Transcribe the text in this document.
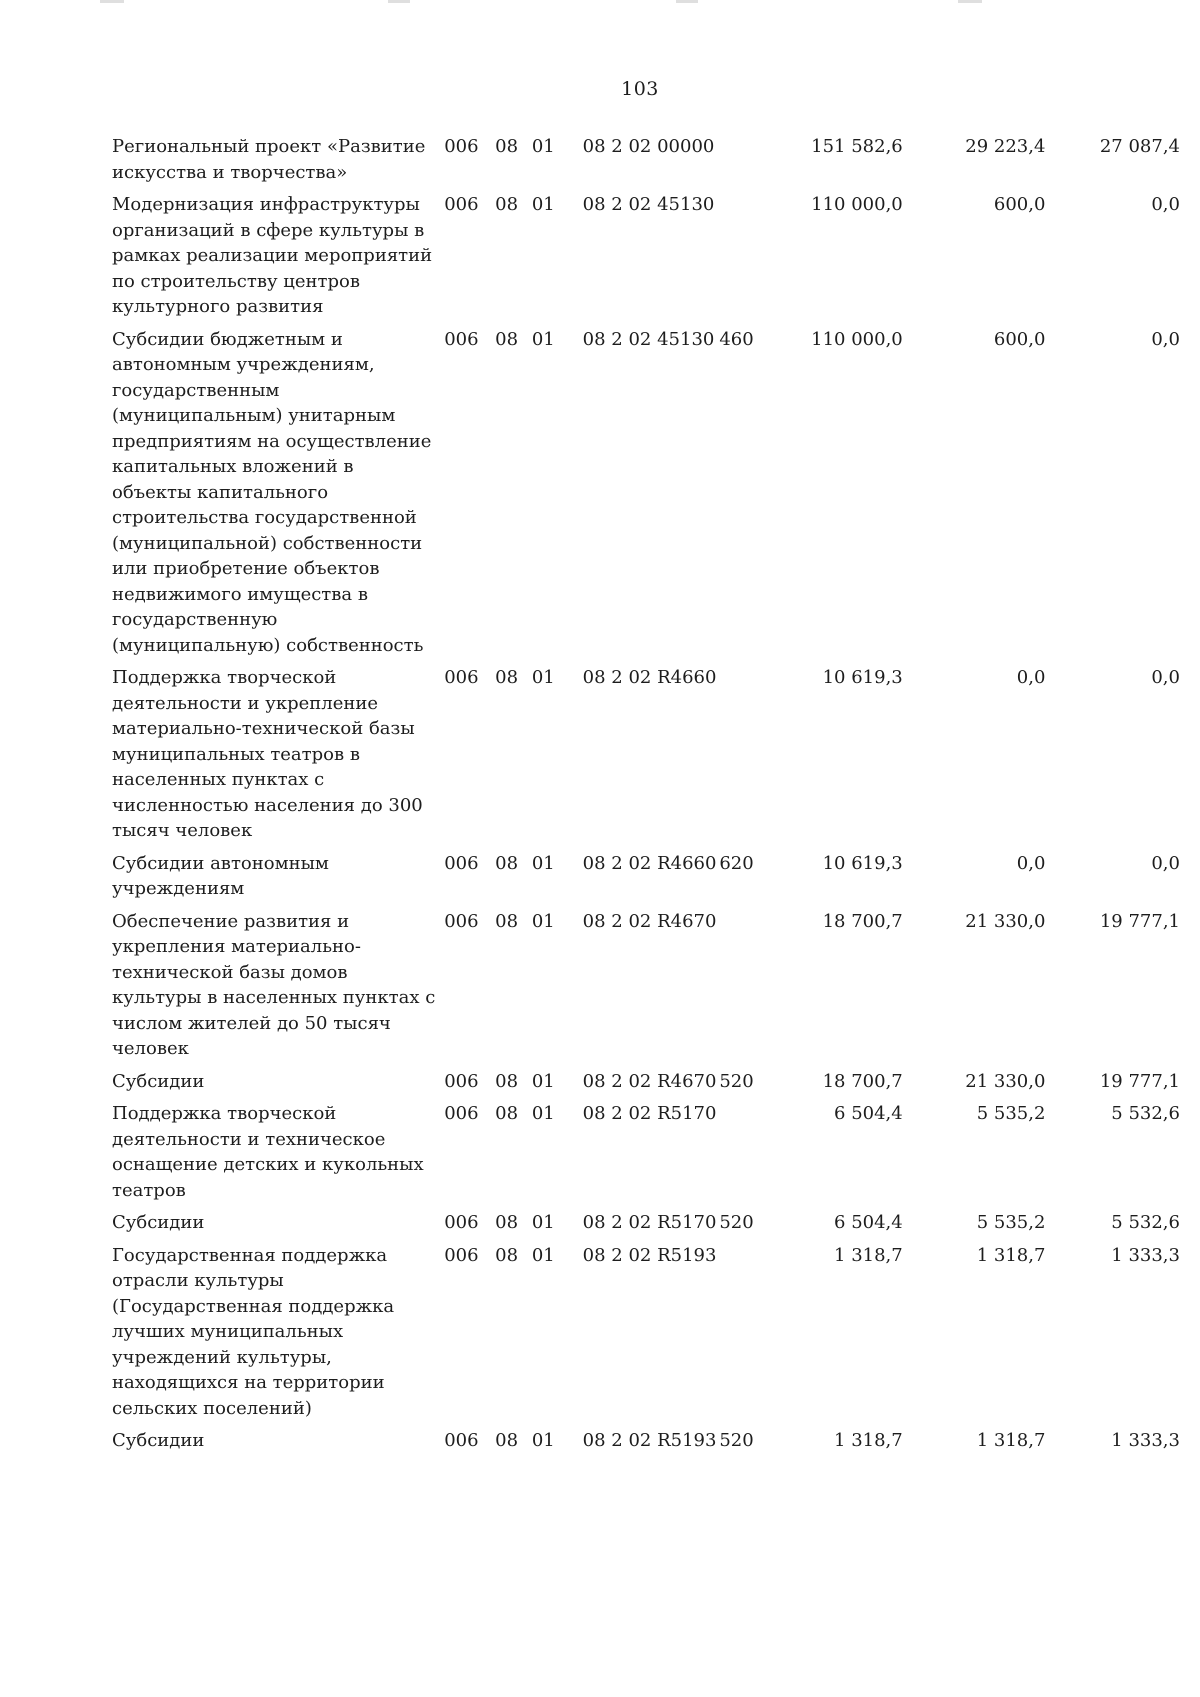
103
Региональный проект «Развитие искусства и творчества»	006	08	01	08 2 02 00000		151 582,6	29 223,4	27 087,4
Модернизация инфраструктуры организаций в сфере культуры в рамках реализации мероприятий по строительству центров культурного развития	006	08	01	08 2 02 45130		110 000,0	600,0	0,0
Субсидии бюджетным и автономным учреждениям, государственным (муниципальным) унитарным предприятиям на осуществление капитальных вложений в объекты капитального строительства государственной (муниципальной) собственности или приобретение объектов недвижимого имущества в государственную (муниципальную) собственность	006	08	01	08 2 02 45130	460	110 000,0	600,0	0,0
Поддержка творческой деятельности и укрепление материально-технической базы муниципальных театров в населенных пунктах с численностью населения до 300 тысяч человек	006	08	01	08 2 02 R4660		10 619,3	0,0	0,0
Субсидии автономным учреждениям	006	08	01	08 2 02 R4660	620	10 619,3	0,0	0,0
Обеспечение развития и укрепления материально-технической базы домов культуры в населенных пунктах с числом жителей до 50 тысяч человек	006	08	01	08 2 02 R4670		18 700,7	21 330,0	19 777,1
Субсидии	006	08	01	08 2 02 R4670	520	18 700,7	21 330,0	19 777,1
Поддержка творческой деятельности и техническое оснащение детских и кукольных театров	006	08	01	08 2 02 R5170		6 504,4	5 535,2	5 532,6
Субсидии	006	08	01	08 2 02 R5170	520	6 504,4	5 535,2	5 532,6
Государственная поддержка отрасли культуры (Государственная поддержка лучших муниципальных учреждений культуры, находящихся на территории сельских поселений)	006	08	01	08 2 02 R5193		1 318,7	1 318,7	1 333,3
Субсидии	006	08	01	08 2 02 R5193	520	1 318,7	1 318,7	1 333,3
